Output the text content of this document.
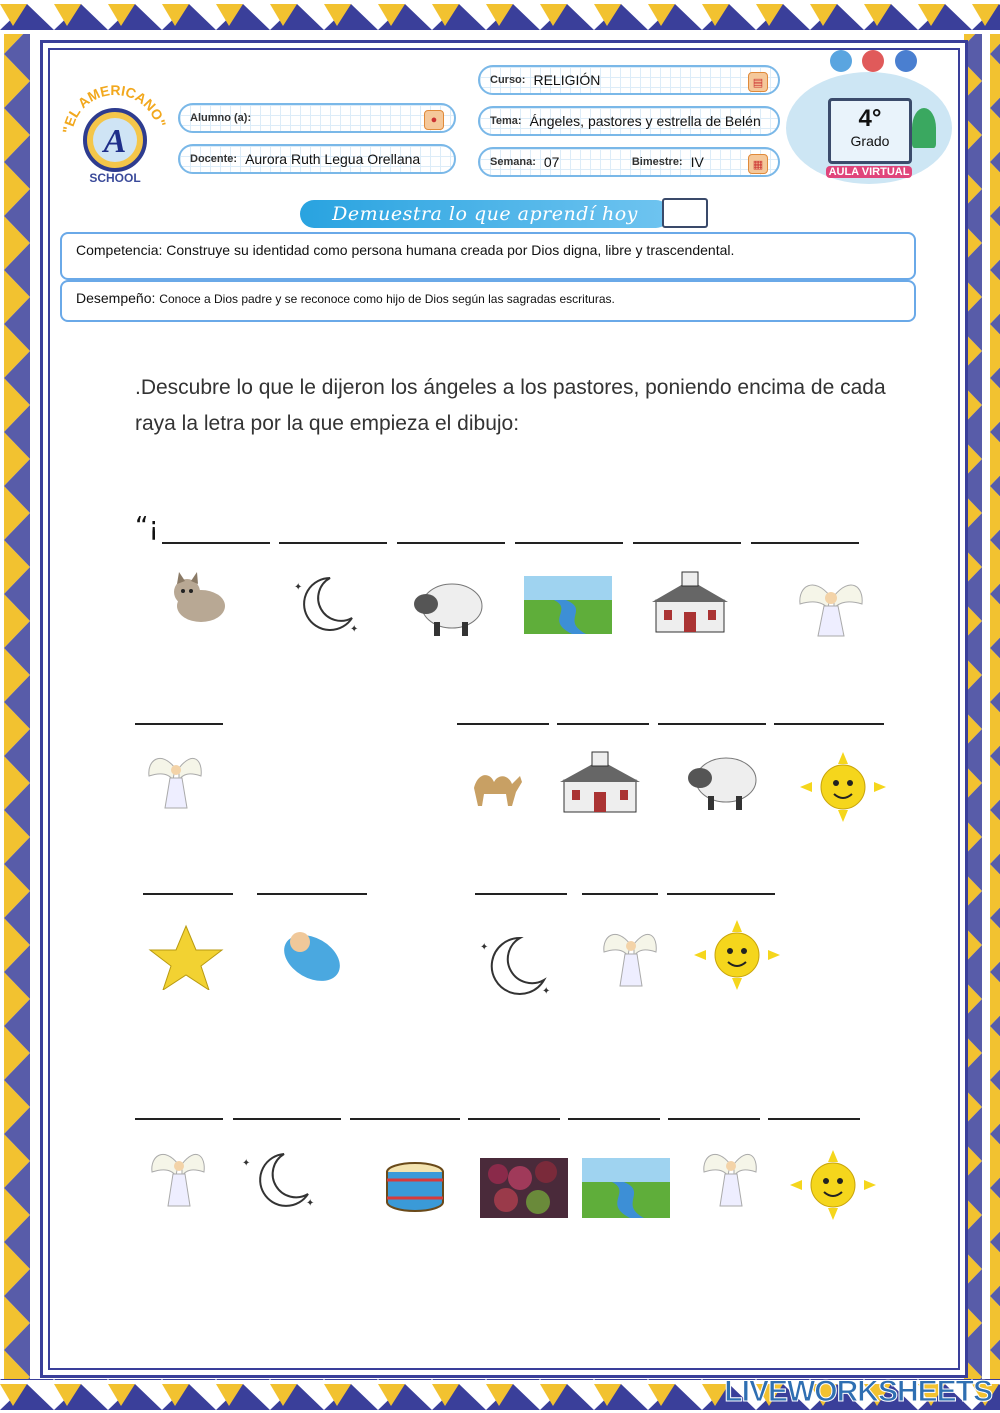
"EL AMERICANO"
A
SCHOOL
Alumno (a):	●
Docente: Aurora Ruth Legua Orellana
Curso: RELIGIÓN	▤
Tema: Ángeles, pastores y estrella de Belén
Semana: 07	Bimestre: IV	▦
4°
Grado
AULA VIRTUAL

Demuestra lo que aprendí hoy
Competencia: Construye su identidad como persona humana creada por Dios digna, libre y trascendental.
Desempeño: Conoce a Dios padre y se reconoce como hijo de Dios según las sagradas escrituras.
.Descubre lo que le dijeron los ángeles a los pastores, poniendo encima de cada raya la letra por la que empieza el dibujo:
“¡
✦
✦
✦
✦
✦
✦
LIVEWORKSHEETS
